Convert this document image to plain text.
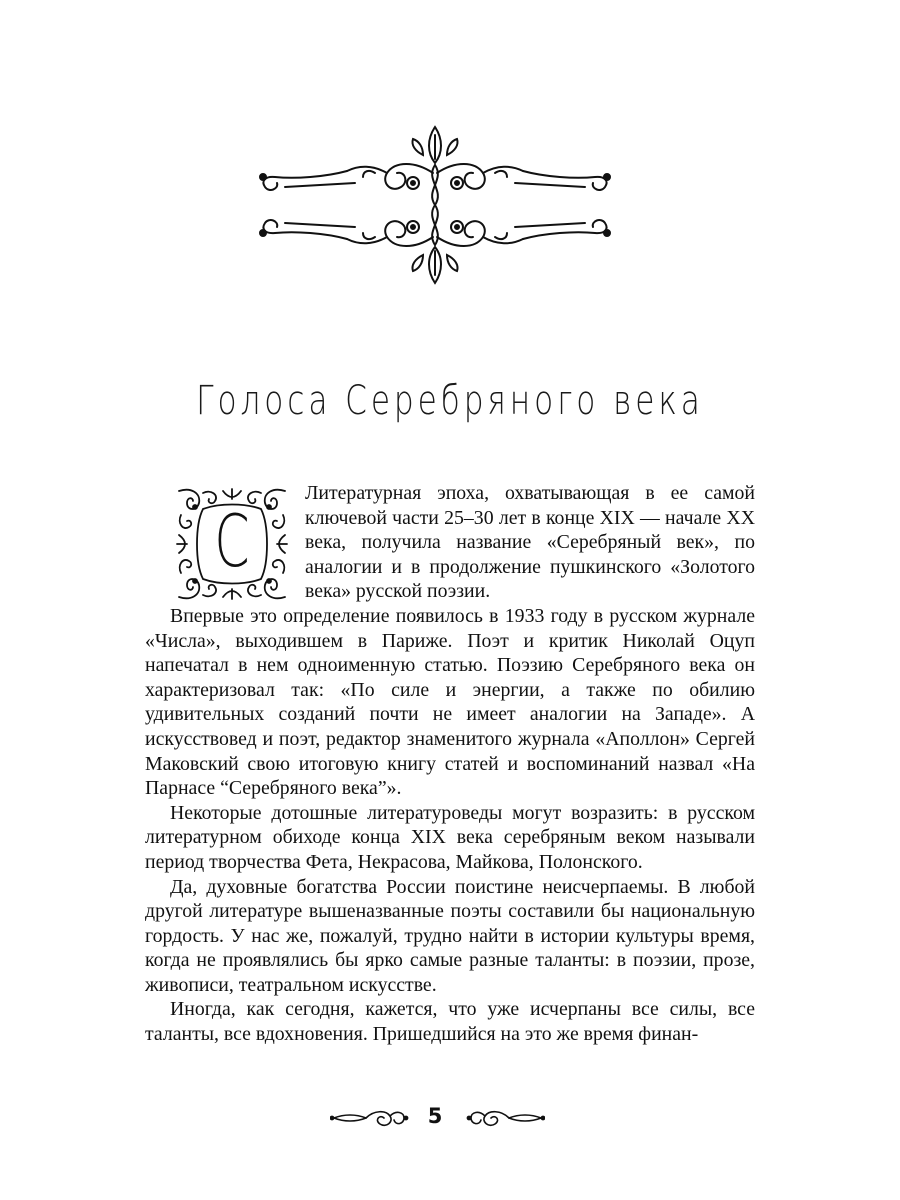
Голоса Серебряного века
С

Литературная эпоха, охватывающая в ее самой ключевой части 25–30 лет в конце XIX — начале XX века, получила название «Серебряный век», по аналогии и в продолжение пушкинского «Золотого века» русской поэзии.

Впервые это определение появилось в 1933 году в русском журнале «Числа», выходившем в Париже. Поэт и критик Николай Оцуп напечатал в нем одноименную статью. Поэзию Серебряного века он характеризовал так: «По силе и энергии, а также по обилию удивительных созданий почти не имеет аналогии на Западе». А искусствовед и поэт, редактор знаменитого журнала «Аполлон» Сергей Маковский свою итоговую книгу статей и воспоминаний назвал «На Парнасе “Серебряного века”».

Некоторые дотошные литературоведы могут возразить: в русском литературном обиходе конца XIX века серебряным веком называли период творчества Фета, Некрасова, Майкова, Полонского.

Да, духовные богатства России поистине неисчерпаемы. В любой другой литературе вышеназванные поэты составили бы национальную гордость. У нас же, пожалуй, трудно найти в истории культуры время, когда не проявлялись бы ярко самые разные таланты: в поэзии, прозе, живописи, театральном искусстве.

Иногда, как сегодня, кажется, что уже исчерпаны все силы, все таланты, все вдохновения. Пришедшийся на это же время финан-

5
